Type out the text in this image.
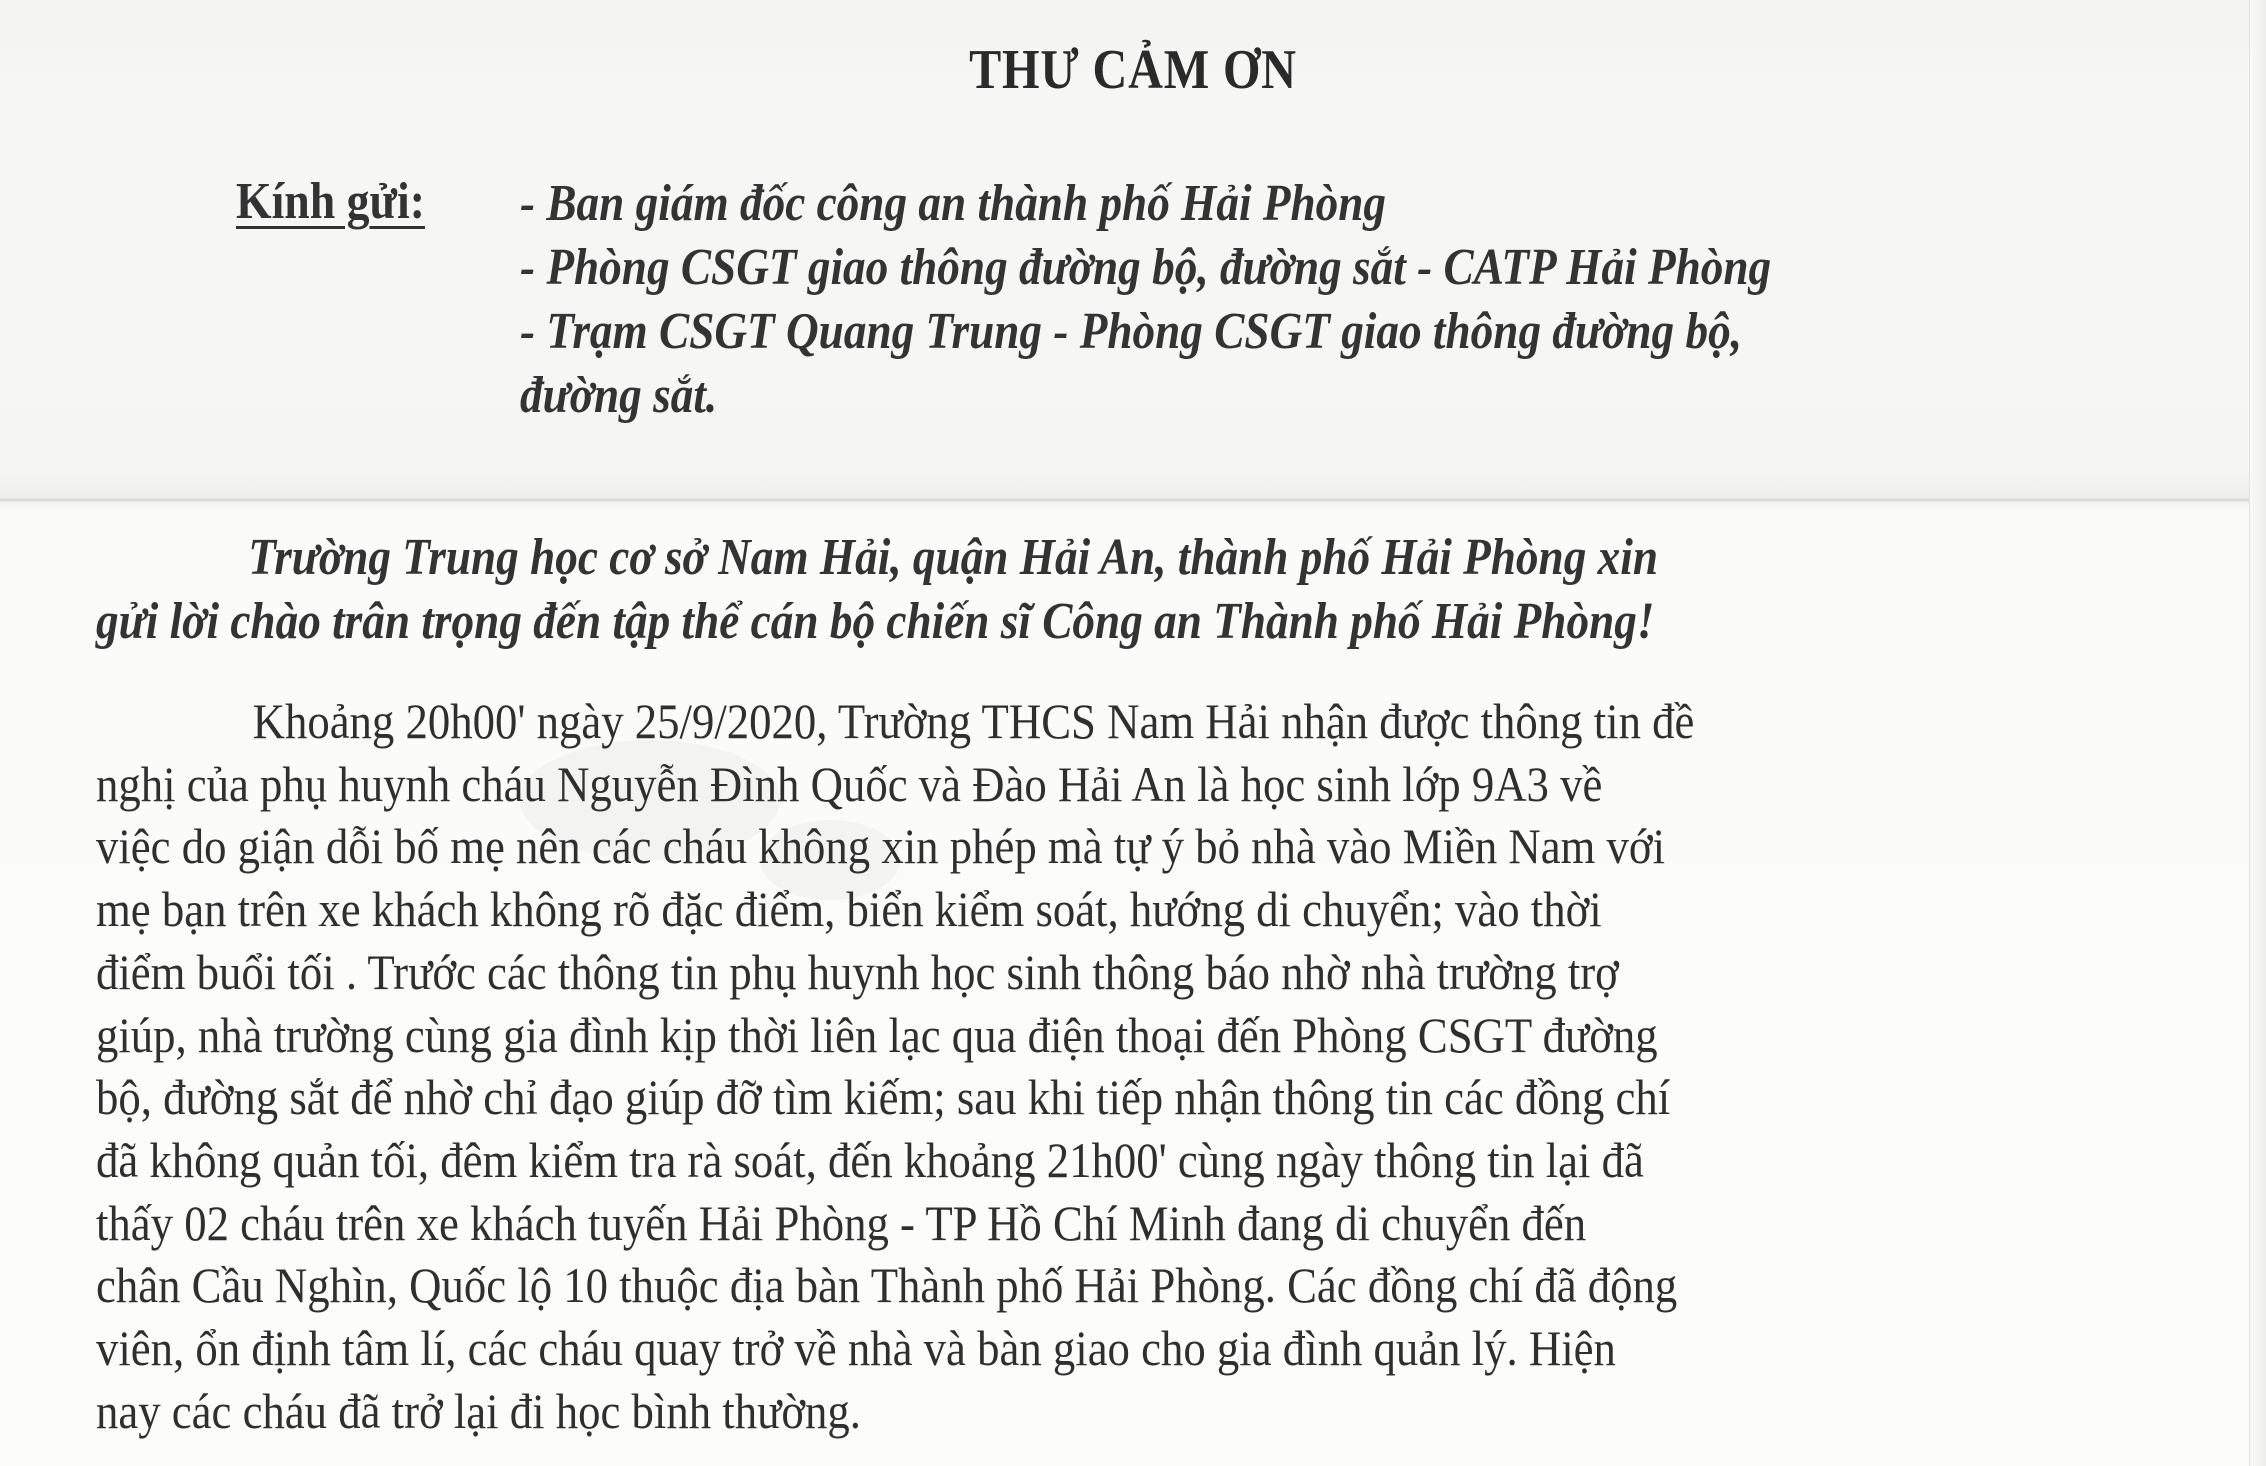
THƯ CẢM ƠN
Kính gửi: - Ban giám đốc công an thành phố Hải Phòng
- Phòng CSGT giao thông đường bộ, đường sắt - CATP Hải Phòng
- Trạm CSGT Quang Trung - Phòng CSGT giao thông đường bộ,
đường sắt.
Trường Trung học cơ sở Nam Hải, quận Hải An, thành phố Hải Phòng xin
gửi lời chào trân trọng đến tập thể cán bộ chiến sĩ Công an Thành phố Hải Phòng!
Khoảng 20h00' ngày 25/9/2020, Trường THCS Nam Hải nhận được thông tin đề
nghị của phụ huynh cháu Nguyễn Đình Quốc và Đào Hải An là học sinh lớp 9A3 về
việc do giận dỗi bố mẹ nên các cháu không xin phép mà tự ý bỏ nhà vào Miền Nam với
mẹ bạn trên xe khách không rõ đặc điểm, biển kiểm soát, hướng di chuyển; vào thời
điểm buổi tối . Trước các thông tin phụ huynh học sinh thông báo nhờ nhà trường trợ
giúp, nhà trường cùng gia đình kịp thời liên lạc qua điện thoại đến Phòng CSGT đường
bộ, đường sắt để nhờ chỉ đạo giúp đỡ tìm kiếm; sau khi tiếp nhận thông tin các đồng chí
đã không quản tối, đêm kiểm tra rà soát, đến khoảng 21h00' cùng ngày thông tin lại đã
thấy 02 cháu trên xe khách tuyến Hải Phòng - TP Hồ Chí Minh đang di chuyển đến
chân Cầu Nghìn, Quốc lộ 10 thuộc địa bàn Thành phố Hải Phòng. Các đồng chí đã động
viên, ổn định tâm lí, các cháu quay trở về nhà và bàn giao cho gia đình quản lý. Hiện
nay các cháu đã trở lại đi học bình thường.
